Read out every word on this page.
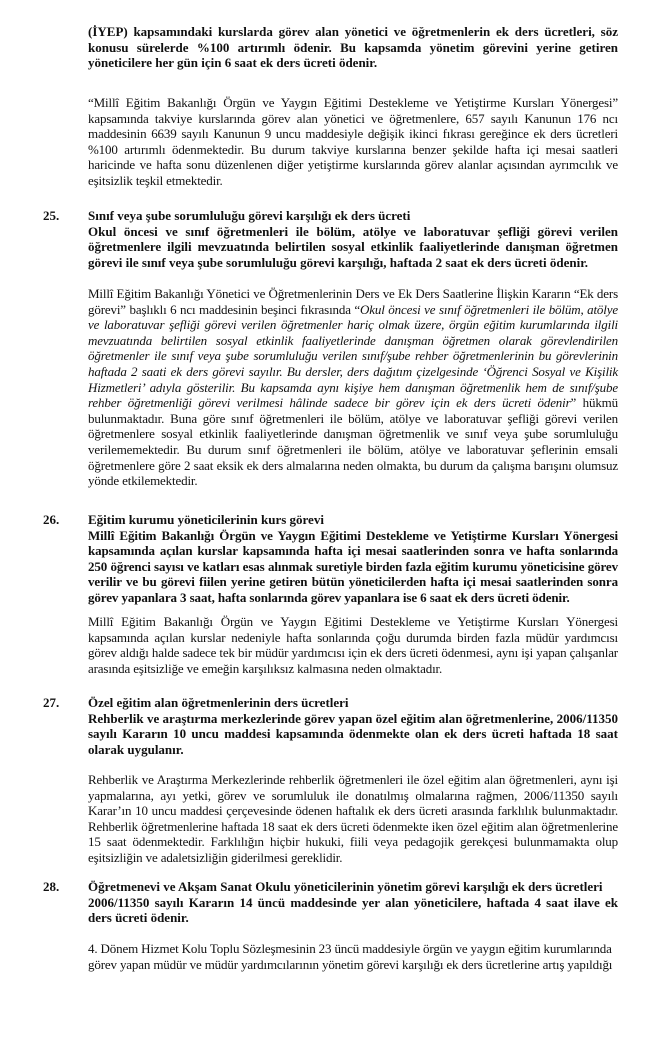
(İYEP) kapsamındaki kurslarda görev alan yönetici ve öğretmenlerin ek ders ücretleri, söz konusu sürelerde %100 artırımlı ödenir. Bu kapsamda yönetim görevini yerine getiren yöneticilere her gün için 6 saat ek ders ücreti ödenir.

“Millî Eğitim Bakanlığı Örgün ve Yaygın Eğitimi Destekleme ve Yetiştirme Kursları Yönergesi” kapsamında takviye kurslarında görev alan yönetici ve öğretmenlere, 657 sayılı Kanunun 176 ncı maddesinin 6639 sayılı Kanunun 9 uncu maddesiyle değişik ikinci fıkrası gereğince ek ders ücretleri %100 artırımlı ödenmektedir. Bu durum takviye kurslarına benzer şekilde hafta içi mesai saatleri haricinde ve hafta sonu düzenlenen diğer yetiştirme kurslarında görev alanlar açısından ayrımcılık ve eşitsizlik teşkil etmektedir.

25. Sınıf veya şube sorumluluğu görevi karşılığı ek ders ücreti

Okul öncesi ve sınıf öğretmenleri ile bölüm, atölye ve laboratuvar şefliği görevi verilen öğretmenlere ilgili mevzuatında belirtilen sosyal etkinlik faaliyetlerinde danışman öğretmen görevi ile sınıf veya şube sorumluluğu görevi karşılığı, haftada 2 saat ek ders ücreti ödenir.

Millî Eğitim Bakanlığı Yönetici ve Öğretmenlerinin Ders ve Ek Ders Saatlerine İlişkin Kararın “Ek ders görevi” başlıklı 6 ncı maddesinin beşinci fıkrasında “Okul öncesi ve sınıf öğretmenleri ile bölüm, atölye ve laboratuvar şefliği görevi verilen öğretmenler hariç olmak üzere, örgün eğitim kurumlarında ilgili mevzuatında belirtilen sosyal etkinlik faaliyetlerinde danışman öğretmen olarak görevlendirilen öğretmenler ile sınıf veya şube sorumluluğu verilen sınıf/şube rehber öğretmenlerinin bu görevlerinin haftada 2 saati ek ders görevi sayılır. Bu dersler, ders dağıtım çizelgesinde ‘Öğrenci Sosyal ve Kişilik Hizmetleri’ adıyla gösterilir. Bu kapsamda aynı kişiye hem danışman öğretmenlik hem de sınıf/şube rehber öğretmenliği görevi verilmesi hâlinde sadece bir görev için ek ders ücreti ödenir” hükmü bulunmaktadır. Buna göre sınıf öğretmenleri ile bölüm, atölye ve laboratuvar şefliği görevi verilen öğretmenlere sosyal etkinlik faaliyetlerinde danışman öğretmenlik ve sınıf veya şube sorumluluğu verilememektedir. Bu durum sınıf öğretmenleri ile bölüm, atölye ve laboratuvar şeflerinin emsali öğretmenlere göre 2 saat eksik ek ders almalarına neden olmakta, bu durum da çalışma barışını olumsuz yönde etkilemektedir.

26. Eğitim kurumu yöneticilerinin kurs görevi

Millî Eğitim Bakanlığı Örgün ve Yaygın Eğitimi Destekleme ve Yetiştirme Kursları Yönergesi kapsamında açılan kurslar kapsamında hafta içi mesai saatlerinden sonra ve hafta sonlarında 250 öğrenci sayısı ve katları esas alınmak suretiyle birden fazla eğitim kurumu yöneticisine görev verilir ve bu görevi fiilen yerine getiren bütün yöneticilerden hafta içi mesai saatlerinden sonra görev yapanlara 3 saat, hafta sonlarında görev yapanlara ise 6 saat ek ders ücreti ödenir.

Millî Eğitim Bakanlığı Örgün ve Yaygın Eğitimi Destekleme ve Yetiştirme Kursları Yönergesi kapsamında açılan kurslar nedeniyle hafta sonlarında çoğu durumda birden fazla müdür yardımcısı görev aldığı halde sadece tek bir müdür yardımcısı için ek ders ücreti ödenmesi, aynı işi yapan çalışanlar arasında eşitsizliğe ve emeğin karşılıksız kalmasına neden olmaktadır.

27. Özel eğitim alan öğretmenlerinin ders ücretleri

Rehberlik ve araştırma merkezlerinde görev yapan özel eğitim alan öğretmenlerine, 2006/11350 sayılı Kararın 10 uncu maddesi kapsamında ödenmekte olan ek ders ücreti haftada 18 saat olarak uygulanır.

Rehberlik ve Araştırma Merkezlerinde rehberlik öğretmenleri ile özel eğitim alan öğretmenleri, aynı işi yapmalarına, ayı yetki, görev ve sorumluluk ile donatılmış olmalarına rağmen, 2006/11350 sayılı Karar’ın 10 uncu maddesi çerçevesinde ödenen haftalık ek ders ücreti arasında farklılık bulunmaktadır. Rehberlik öğretmenlerine haftada 18 saat ek ders ücreti ödenmekte iken özel eğitim alan öğretmenlerine 15 saat ödenmektedir. Farklılığın hiçbir hukuki, fiili veya pedagojik gerekçesi bulunmamakta olup eşitsizliğin ve adaletsizliğin giderilmesi gereklidir.

28. Öğretmenevi ve Akşam Sanat Okulu yöneticilerinin yönetim görevi karşılığı ek ders ücretleri

2006/11350 sayılı Kararın 14 üncü maddesinde yer alan yöneticilere, haftada 4 saat ilave ek ders ücreti ödenir.

4. Dönem Hizmet Kolu Toplu Sözleşmesinin 23 üncü maddesiyle örgün ve yaygın eğitim kurumlarında görev yapan müdür ve müdür yardımcılarının yönetim görevi karşılığı ek ders ücretlerine artış yapıldığı
